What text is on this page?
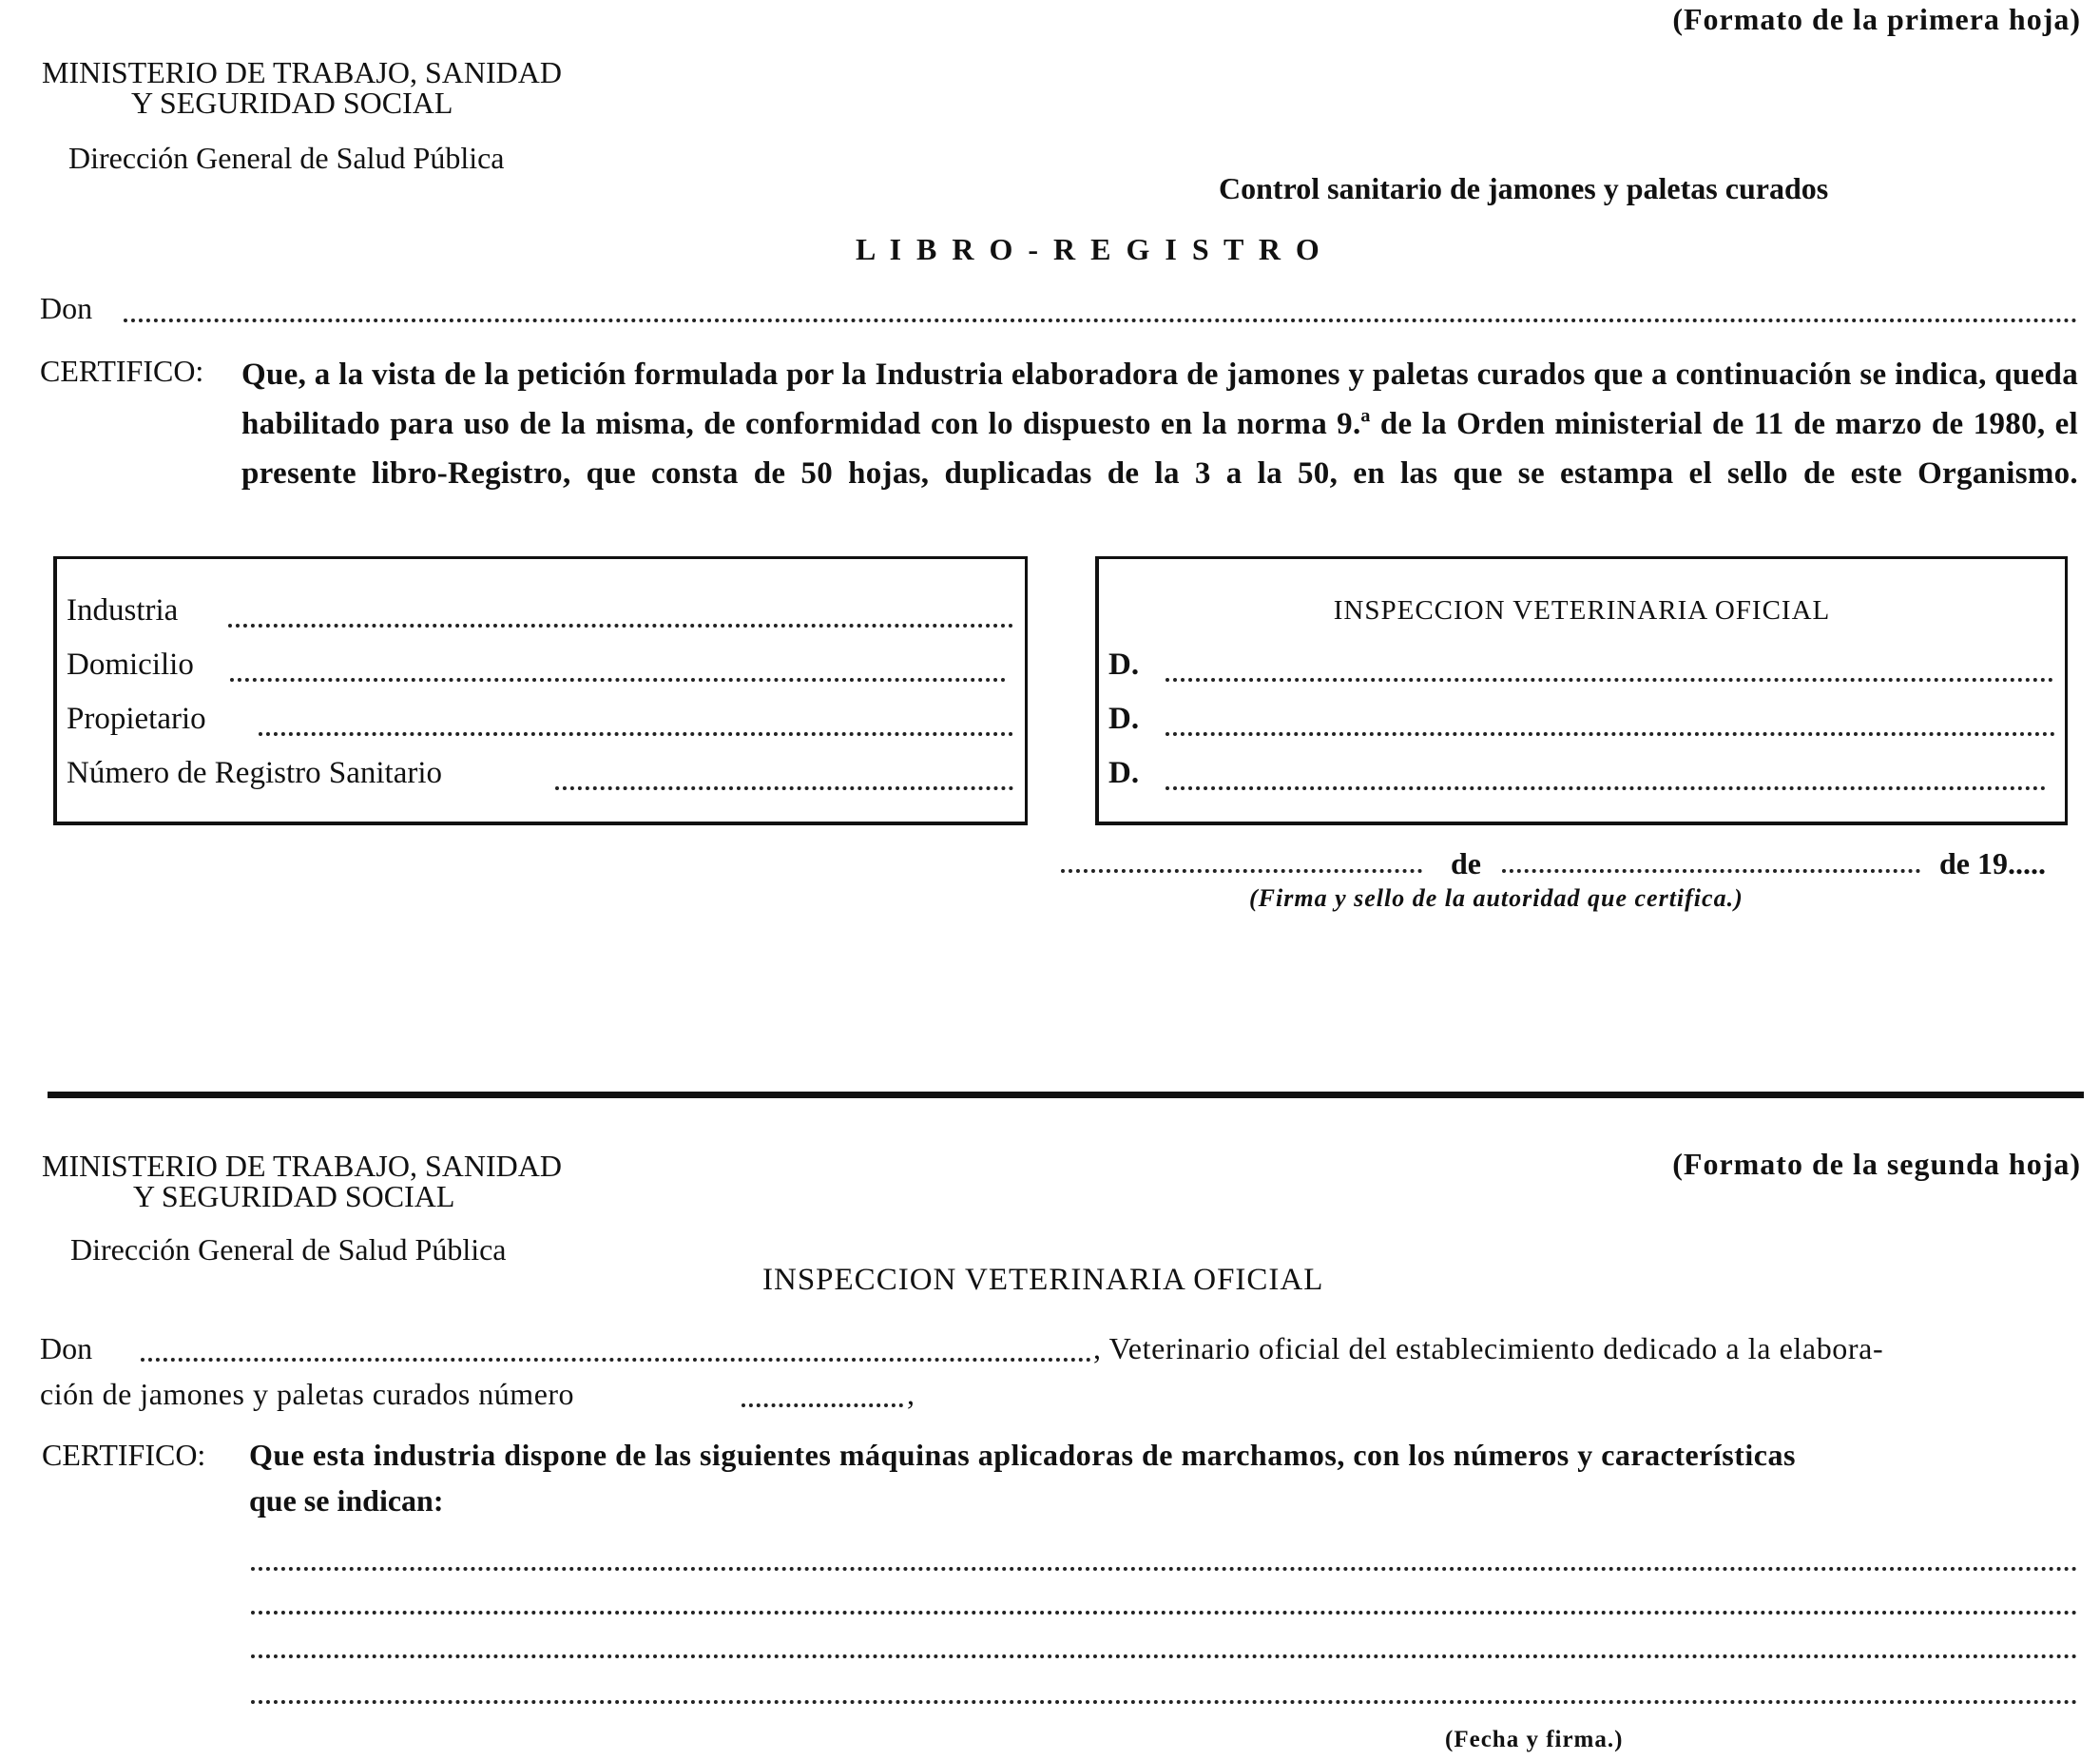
(Formato de la primera hoja)
MINISTERIO DE TRABAJO, SANIDAD
Y SEGURIDAD SOCIAL
Dirección General de Salud Pública
Control sanitario de jamones y paletas curados
L I B R O - R E G I S T R O
Don
CERTIFICO: Que, a la vista de la petición formulada por la Industria elaboradora de jamones y paletas curados que a continuación se indica, queda habilitado para uso de la misma, de conformidad con lo dispuesto en la norma 9.ª de la Orden ministerial de 11 de marzo de 1980, el presente libro-Registro, que consta de 50 hojas, duplicadas de la 3 a la 50, en las que se estampa el sello de este Organismo.
Industria
Domicilio
Propietario
Número de Registro Sanitario
INSPECCION VETERINARIA OFICIAL
D.
D.
D.
de	de 19.....
(Firma y sello de la autoridad que certifica.)
MINISTERIO DE TRABAJO, SANIDAD
Y SEGURIDAD SOCIAL
(Formato de la segunda hoja)
Dirección General de Salud Pública
INSPECCION VETERINARIA OFICIAL
Don	, Veterinario oficial del establecimiento dedicado a la elabora-
ción de jamones y paletas curados número	,
CERTIFICO: Que esta industria dispone de las siguientes máquinas aplicadoras de marchamos, con los números y características
que se indican:
(Fecha y firma.)
